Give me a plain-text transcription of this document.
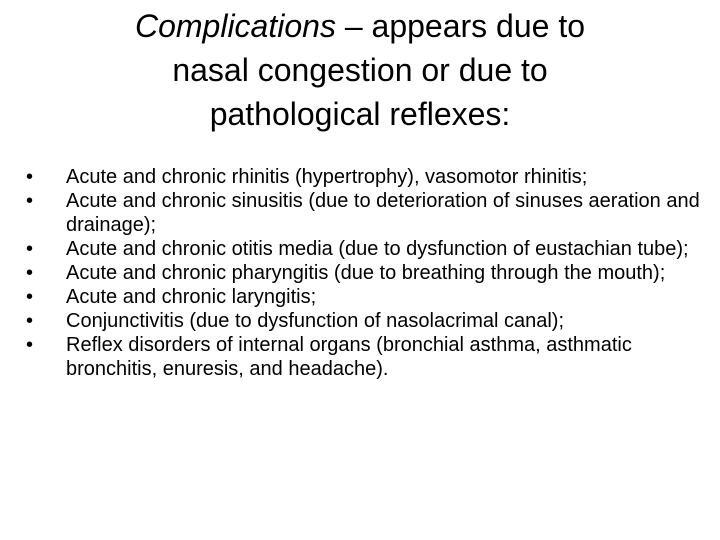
Complications – appears due to
nasal congestion or due to
pathological reflexes:
•	Acute and chronic rhinitis (hypertrophy), vasomotor rhinitis;
•	Acute and chronic sinusitis (due to deterioration of sinuses aeration and drainage);
•	Acute and chronic otitis media (due to dysfunction of eustachian tube);
•	Acute and chronic pharyngitis (due to breathing through the mouth);
•	Acute and chronic laryngitis;
•	Conjunctivitis (due to dysfunction of nasolacrimal canal);
•	Reflex disorders of internal organs (bronchial asthma, asthmatic bronchitis, enuresis, and headache).
